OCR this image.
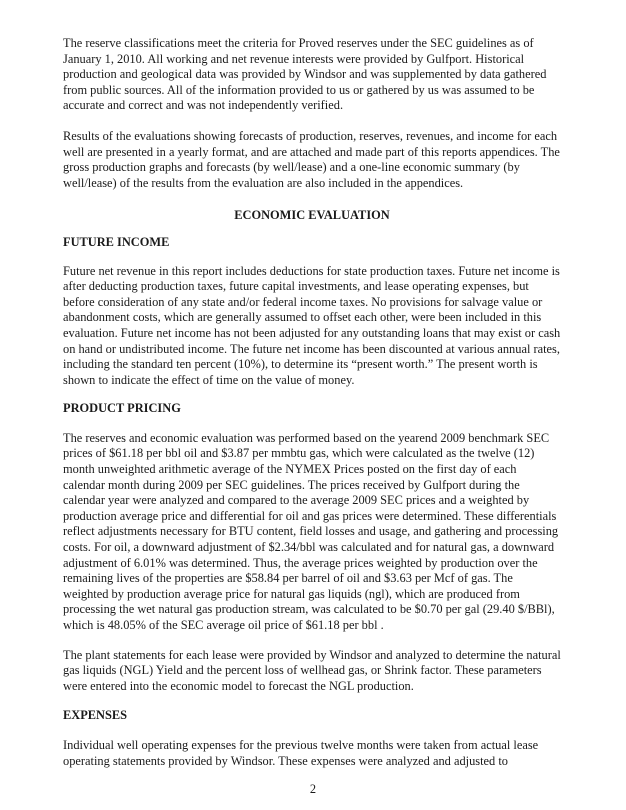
The reserve classifications meet the criteria for Proved reserves under the SEC guidelines as of January 1, 2010. All working and net revenue interests were provided by Gulfport. Historical production and geological data was provided by Windsor and was supplemented by data gathered from public sources. All of the information provided to us or gathered by us was assumed to be accurate and correct and was not independently verified.

Results of the evaluations showing forecasts of production, reserves, revenues, and income for each well are presented in a yearly format, and are attached and made part of this reports appendices. The gross production graphs and forecasts (by well/lease) and a one-line economic summary (by well/lease) of the results from the evaluation are also included in the appendices.

ECONOMIC EVALUATION

FUTURE INCOME

Future net revenue in this report includes deductions for state production taxes. Future net income is after deducting production taxes, future capital investments, and lease operating expenses, but before consideration of any state and/or federal income taxes. No provisions for salvage value or abandonment costs, which are generally assumed to offset each other, were been included in this evaluation. Future net income has not been adjusted for any outstanding loans that may exist or cash on hand or undistributed income. The future net income has been discounted at various annual rates, including the standard ten percent (10%), to determine its “present worth.” The present worth is shown to indicate the effect of time on the value of money.

PRODUCT PRICING

The reserves and economic evaluation was performed based on the yearend 2009 benchmark SEC prices of $61.18 per bbl oil and $3.87 per mmbtu gas, which were calculated as the twelve (12) month unweighted arithmetic average of the NYMEX Prices posted on the first day of each calendar month during 2009 per SEC guidelines. The prices received by Gulfport during the calendar year were analyzed and compared to the average 2009 SEC prices and a weighted by production average price and differential for oil and gas prices were determined. These differentials reflect adjustments necessary for BTU content, field losses and usage, and gathering and processing costs. For oil, a downward adjustment of $2.34/bbl was calculated and for natural gas, a downward adjustment of 6.01% was determined. Thus, the average prices weighted by production over the remaining lives of the properties are $58.84 per barrel of oil and $3.63 per Mcf of gas. The weighted by production average price for natural gas liquids (ngl), which are produced from processing the wet natural gas production stream, was calculated to be $0.70 per gal (29.40 $/BBl), which is 48.05% of the SEC average oil price of $61.18 per bbl .

The plant statements for each lease were provided by Windsor and analyzed to determine the natural gas liquids (NGL) Yield and the percent loss of wellhead gas, or Shrink factor. These parameters were entered into the economic model to forecast the NGL production.

EXPENSES

Individual well operating expenses for the previous twelve months were taken from actual lease operating statements provided by Windsor. These expenses were analyzed and adjusted to

2
